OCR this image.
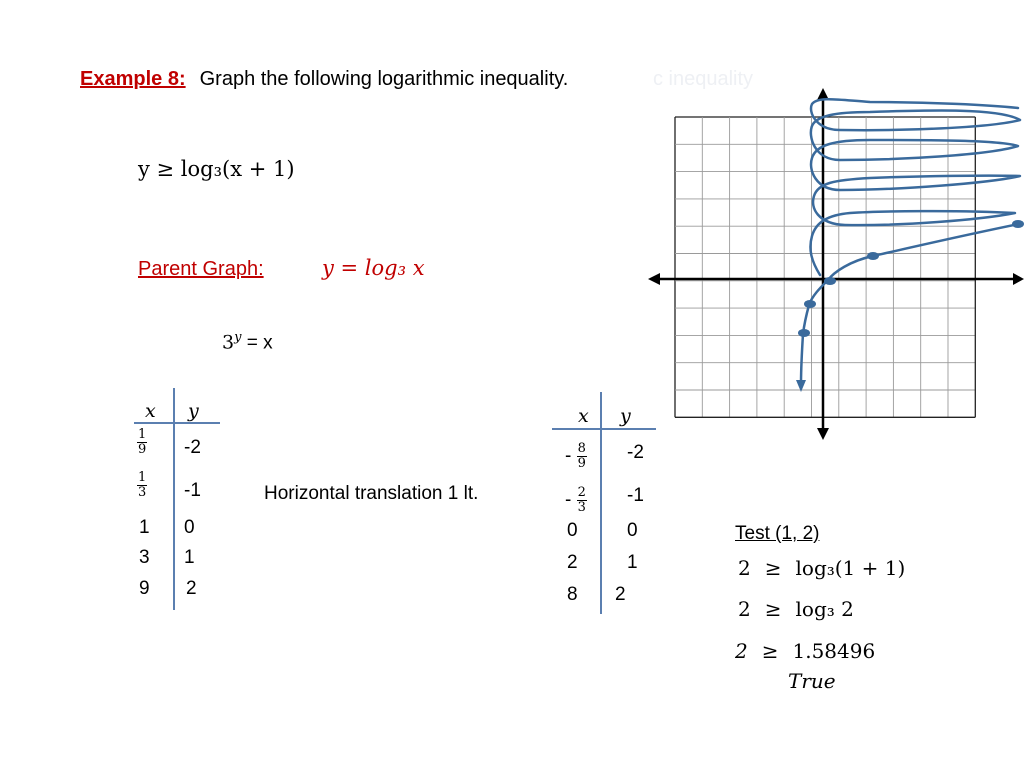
Example 8: Graph the following logarithmic inequality.	c inequality
y ≥ log₃(x + 1)
Parent Graph:	y = log₃ x
$3^y = x$
x y
$\frac{1}{9} -2$
$\frac{1}{3} -1$
1 0
3 1
9 2
Horizontal translation 1 lt.
x y
- $\frac{8}{9} -2$
- $\frac{2}{3} -1$
0	0
2	1
8 2
Test (1, 2)
2 ≥ log₃(1 + 1)
2 ≥ log₃ 2
2 ≥ 1.58496
True
